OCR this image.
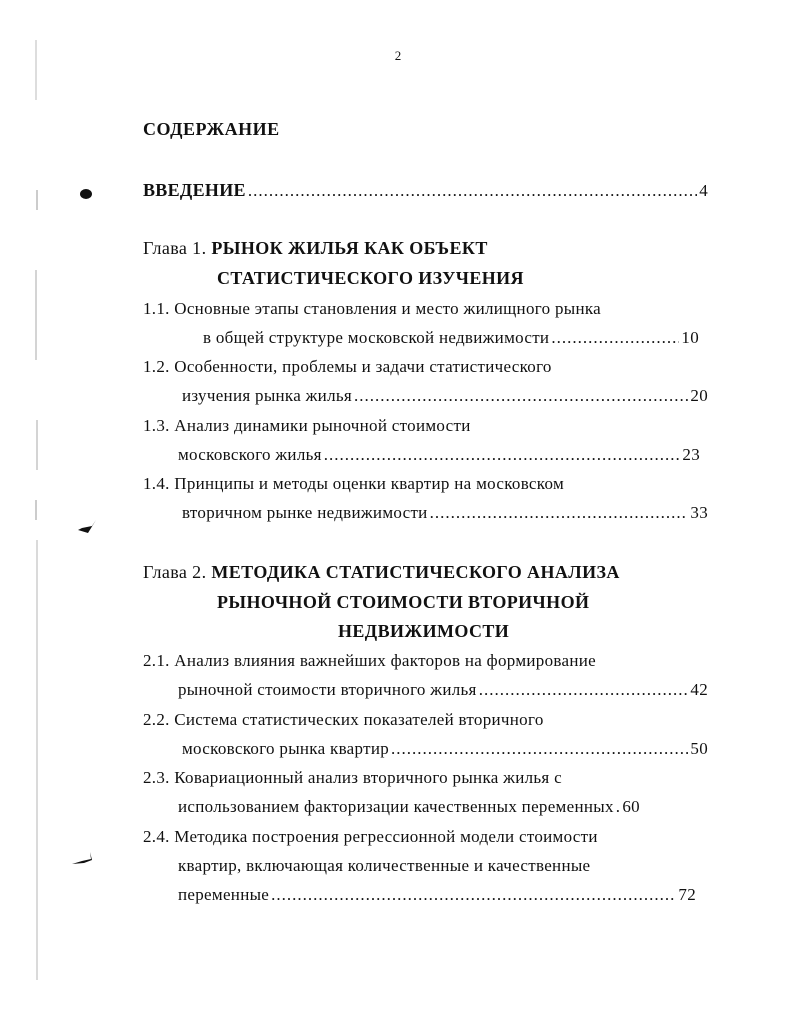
2
СОДЕРЖАНИЕ
ВВЕДЕНИЕ .....	4
Глава 1. РЫНОК ЖИЛЬЯ КАК ОБЪЕКТ
СТАТИСТИЧЕСКОГО ИЗУЧЕНИЯ
1.1. Основные этапы становления и место жилищного рынка
в общей структуре московской недвижимости .....	10
1.2. Особенности, проблемы и задачи статистического
изучения рынка жилья .....	20
1.3. Анализ динамики рыночной стоимости
московского жилья .....	23
1.4. Принципы и методы оценки квартир на московском
вторичном рынке недвижимости .....	33
Глава 2. МЕТОДИКА СТАТИСТИЧЕСКОГО АНАЛИЗА
РЫНОЧНОЙ СТОИМОСТИ ВТОРИЧНОЙ
НЕДВИЖИМОСТИ
2.1. Анализ влияния важнейших факторов на формирование
рыночной стоимости вторичного жилья .....	42
2.2. Система статистических показателей вторичного
московского рынка квартир .....	50
2.3. Ковариационный анализ вторичного рынка жилья с
использованием факторизации качественных переменных . 60
2.4. Методика построения регрессионной модели стоимости
квартир, включающая количественные и качественные
переменные .....	72
